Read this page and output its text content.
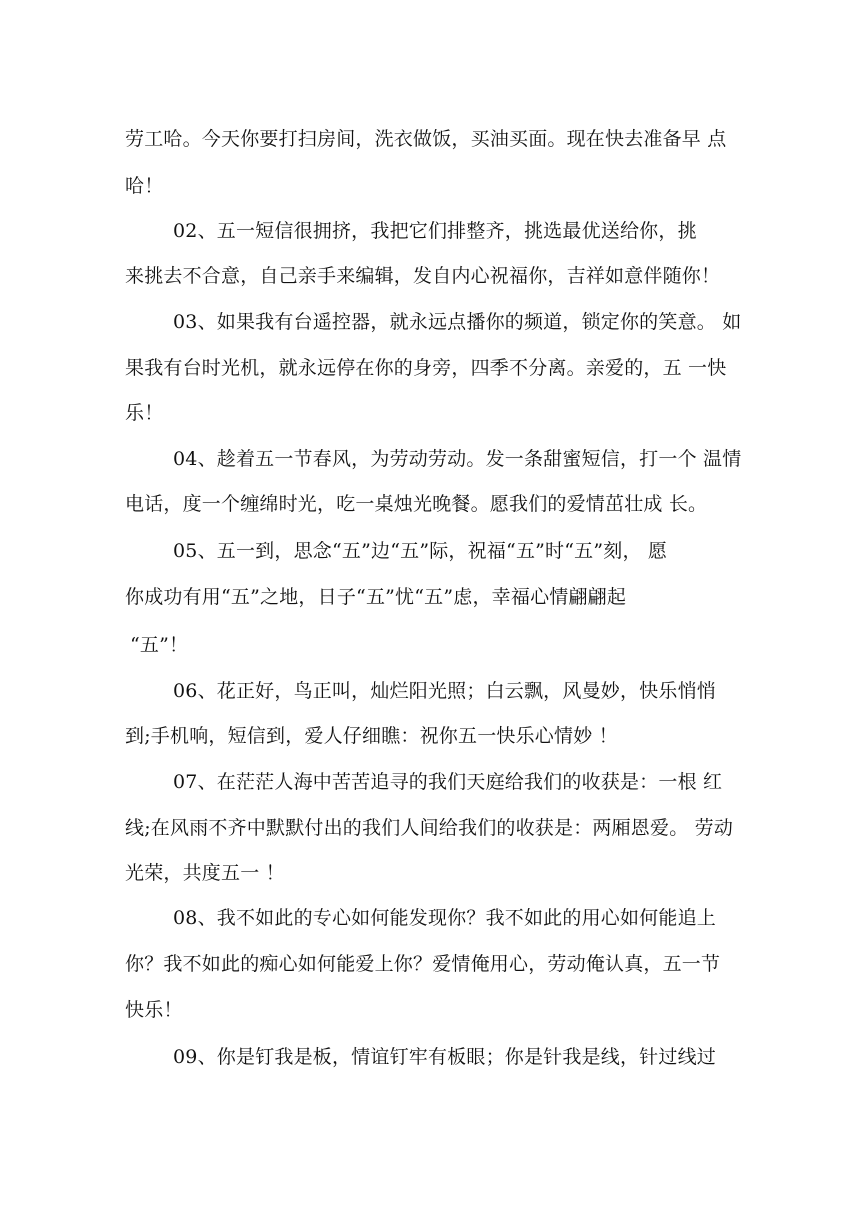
劳工哈。今天你要打扫房间，洗衣做饭，买油买面。现在快去准备早 点
哈！
02、五一短信很拥挤，我把它们排整齐，挑选最优送给你，挑
来挑去不合意，自己亲手来编辑，发自内心祝福你，吉祥如意伴随你！
03、如果我有台遥控器，就永远点播你的频道，锁定你的笑意。 如
果我有台时光机，就永远停在你的身旁，四季不分离。亲爱的，五 一快
乐！
04、趁着五一节春风，为劳动劳动。发一条甜蜜短信，打一个 温情
电话，度一个缠绵时光，吃一桌烛光晚餐。愿我们的爱情茁壮成 长。
05、五一到，思念“五”边“五”际，祝福“五”时“五”刻， 愿
你成功有用“五”之地，日子“五”忧“五”虑，幸福心情翩翩起
“五”！
06、花正好，鸟正叫，灿烂阳光照；白云飘，风曼妙，快乐悄悄
到;手机响，短信到，爱人仔细瞧：祝你五一快乐心情妙 ！
07、在茫茫人海中苦苦追寻的我们天庭给我们的收获是：一根 红
线;在风雨不齐中默默付出的我们人间给我们的收获是：两厢恩爱。 劳动
光荣，共度五一 ！
08、我不如此的专心如何能发现你？我不如此的用心如何能追上
你？我不如此的痴心如何能爱上你？爱情俺用心，劳动俺认真，五一节
快乐！
09、你是钉我是板，情谊钉牢有板眼；你是针我是线，针过线过
